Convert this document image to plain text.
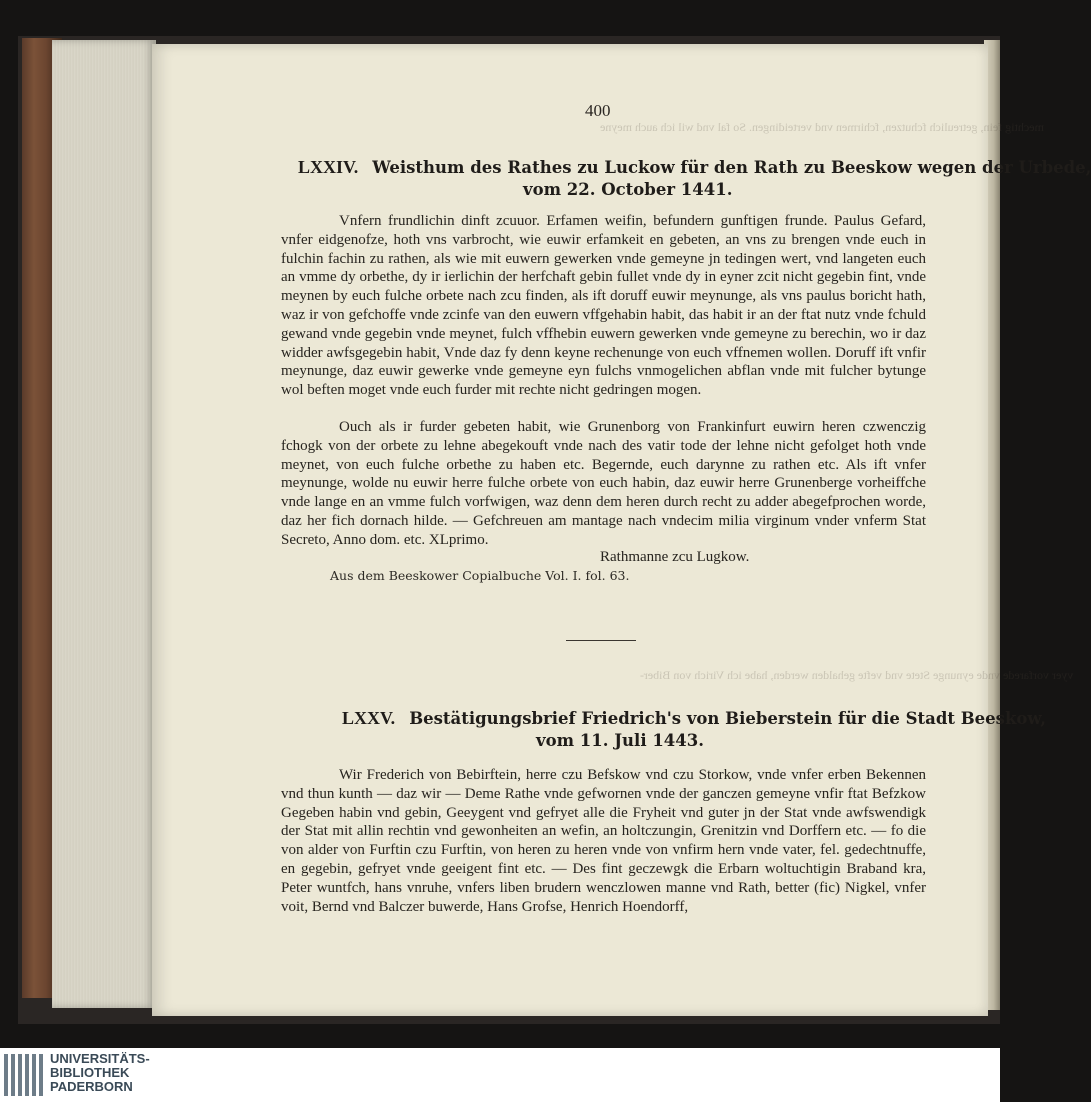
mechtig fein, getreulich fchutzen, fchirmen vnd verteidingen. So fal vnd wil ich auch meyne
vyer vorfarede vnde eynunge Stete vnd vefte gehalden werden, habe ich Virich von Biber-
400
LXXIV. Weisthum des Rathes zu Luckow für den Rath zu Beeskow wegen der Urbede,
vom 22. October 1441.

Vnfern frundlichin dinft zcuuor. Erfamen weifin, befundern gunftigen frunde. Paulus Gefard, vnfer eidgenofze, hoth vns varbrocht, wie euwir erfamkeit en gebeten, an vns zu brengen vnde euch in fulchin fachin zu rathen, als wie mit euwern gewerken vnde gemeyne jn tedingen wert, vnd langeten euch an vmme dy orbethe, dy ir ierlichin der herfchaft gebin fullet vnde dy in eyner zcit nicht gegebin fint, vnde meynen by euch fulche orbete nach zcu finden, als ift doruff euwir meynunge, als vns paulus boricht hath, waz ir von gefchoffe vnde zcinfe van den euwern vffgehabin habit, das habit ir an der ftat nutz vnde fchuld gewand vnde gegebin vnde meynet, fulch vffhebin euwern gewerken vnde gemeyne zu berechin, wo ir daz widder awfsgegebin habit, Vnde daz fy denn keyne rechenunge von euch vffnemen wollen. Doruff ift vnfir meynunge, daz euwir gewerke vnde gemeyne eyn fulchs vnmogelichen abflan vnde mit fulcher bytunge wol beften moget vnde euch furder mit rechte nicht gedringen mogen.

Ouch als ir furder gebeten habit, wie Grunenborg von Frankinfurt euwirn heren czwenczig fchogk von der orbete zu lehne abegekouft vnde nach des vatir tode der lehne nicht gefolget hoth vnde meynet, von euch fulche orbethe zu haben etc. Begernde, euch darynne zu rathen etc. Als ift vnfer meynunge, wolde nu euwir herre fulche orbete von euch habin, daz euwir herre Grunenberge vorheiffche vnde lange en an vmme fulch vorfwigen, waz denn dem heren durch recht zu adder abegefprochen worde, daz her fich dornach hilde. — Gefchreuen am mantage nach vndecim milia virginum vnder vnferm Stat Secreto, Anno dom. etc. XLprimo.

Rathmanne zcu Lugkow.
Aus dem Beeskower Copialbuche Vol. I. fol. 63.
LXXV. Bestätigungsbrief Friedrich's von Bieberstein für die Stadt Beeskow,
vom 11. Juli 1443.

Wir Frederich von Bebirftein, herre czu Befskow vnd czu Storkow, vnde vnfer erben Bekennen vnd thun kunth — daz wir — Deme Rathe vnde gefwornen vnde der ganczen gemeyne vnfir ftat Befzkow Gegeben habin vnd gebin, Geeygent vnd gefryet alle die Fryheit vnd guter jn der Stat vnde awfswendigk der Stat mit allin rechtin vnd gewonheiten an wefin, an holtczungin, Grenitzin vnd Dorffern etc. — fo die von alder von Furftin czu Furftin, von heren zu heren vnde von vnfirm hern vnde vater, fel. gedechtnuffe, en gegebin, gefryet vnde geeigent fint etc. — Des fint geczewgk die Erbarn woltuchtigin Braband kra, Peter wuntfch, hans vnruhe, vnfers liben brudern wenczlowen manne vnd Rath, better (fic) Nigkel, vnfer voit, Bernd vnd Balczer buwerde, Hans Grofse, Henrich Hoendorff,

UNIVERSITÄTS-
BIBLIOTHEK
PADERBORN
